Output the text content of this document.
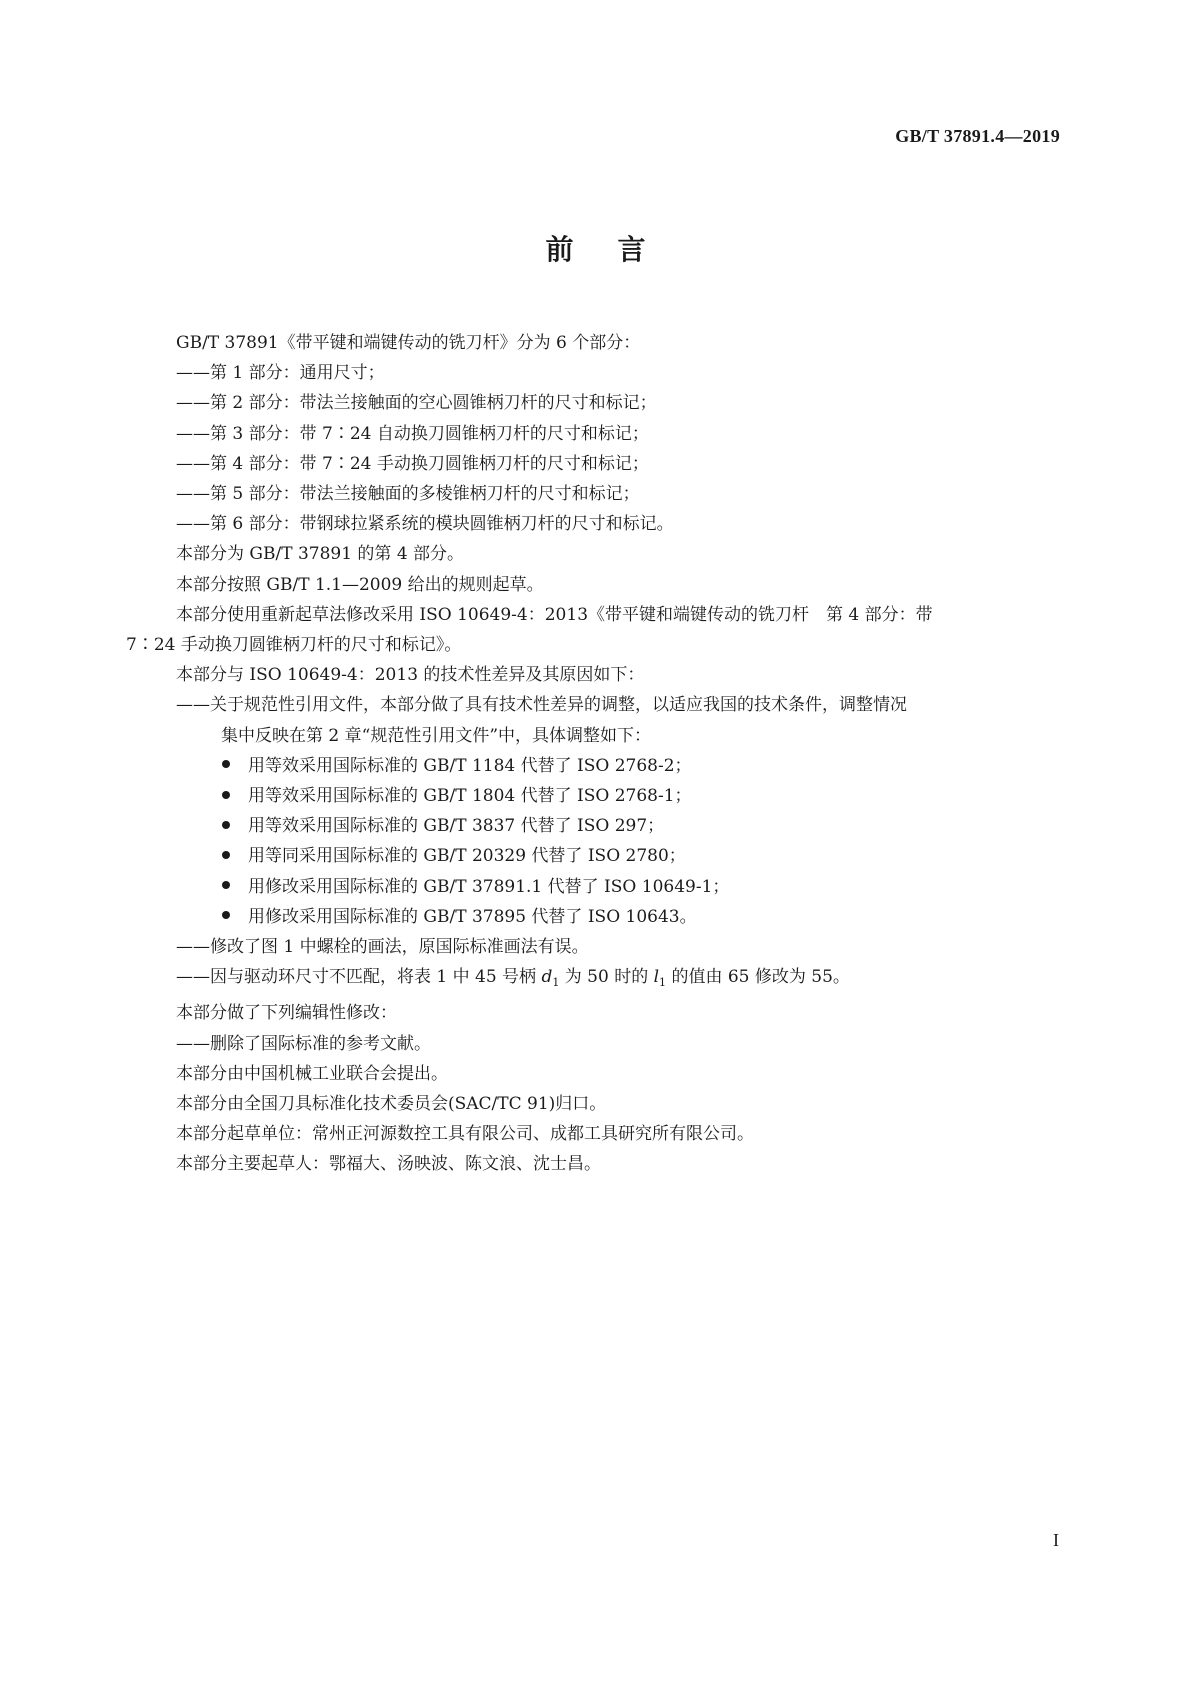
GB/T 37891.4—2019
前言

GB/T 37891《带平键和端键传动的铣刀杆》分为 6 个部分：

——第 1 部分：通用尺寸；

——第 2 部分：带法兰接触面的空心圆锥柄刀杆的尺寸和标记；

——第 3 部分：带 7∶24 自动换刀圆锥柄刀杆的尺寸和标记；

——第 4 部分：带 7∶24 手动换刀圆锥柄刀杆的尺寸和标记；

——第 5 部分：带法兰接触面的多棱锥柄刀杆的尺寸和标记；

——第 6 部分：带钢球拉紧系统的模块圆锥柄刀杆的尺寸和标记。

本部分为 GB/T 37891 的第 4 部分。

本部分按照 GB/T 1.1—2009 给出的规则起草。

本部分使用重新起草法修改采用 ISO 10649-4：2013《带平键和端键传动的铣刀杆　第 4 部分：带

7∶24 手动换刀圆锥柄刀杆的尺寸和标记》。

本部分与 ISO 10649-4：2013 的技术性差异及其原因如下：

——关于规范性引用文件，本部分做了具有技术性差异的调整，以适应我国的技术条件，调整情况

集中反映在第 2 章“规范性引用文件”中，具体调整如下：

用等效采用国际标准的 GB/T 1184 代替了 ISO 2768-2；

用等效采用国际标准的 GB/T 1804 代替了 ISO 2768-1；

用等效采用国际标准的 GB/T 3837 代替了 ISO 297；

用等同采用国际标准的 GB/T 20329 代替了 ISO 2780；

用修改采用国际标准的 GB/T 37891.1 代替了 ISO 10649-1；

用修改采用国际标准的 GB/T 37895 代替了 ISO 10643。

——修改了图 1 中螺栓的画法，原国际标准画法有误。

——因与驱动环尺寸不匹配，将表 1 中 45 号柄 $d_1$ 为 50 时的 $l_1$ 的值由 65 修改为 55。

本部分做了下列编辑性修改：

——删除了国际标准的参考文献。

本部分由中国机械工业联合会提出。

本部分由全国刀具标准化技术委员会(SAC/TC 91)归口。

本部分起草单位：常州正河源数控工具有限公司、成都工具研究所有限公司。

本部分主要起草人：鄂福大、汤映波、陈文浪、沈士昌。

I
